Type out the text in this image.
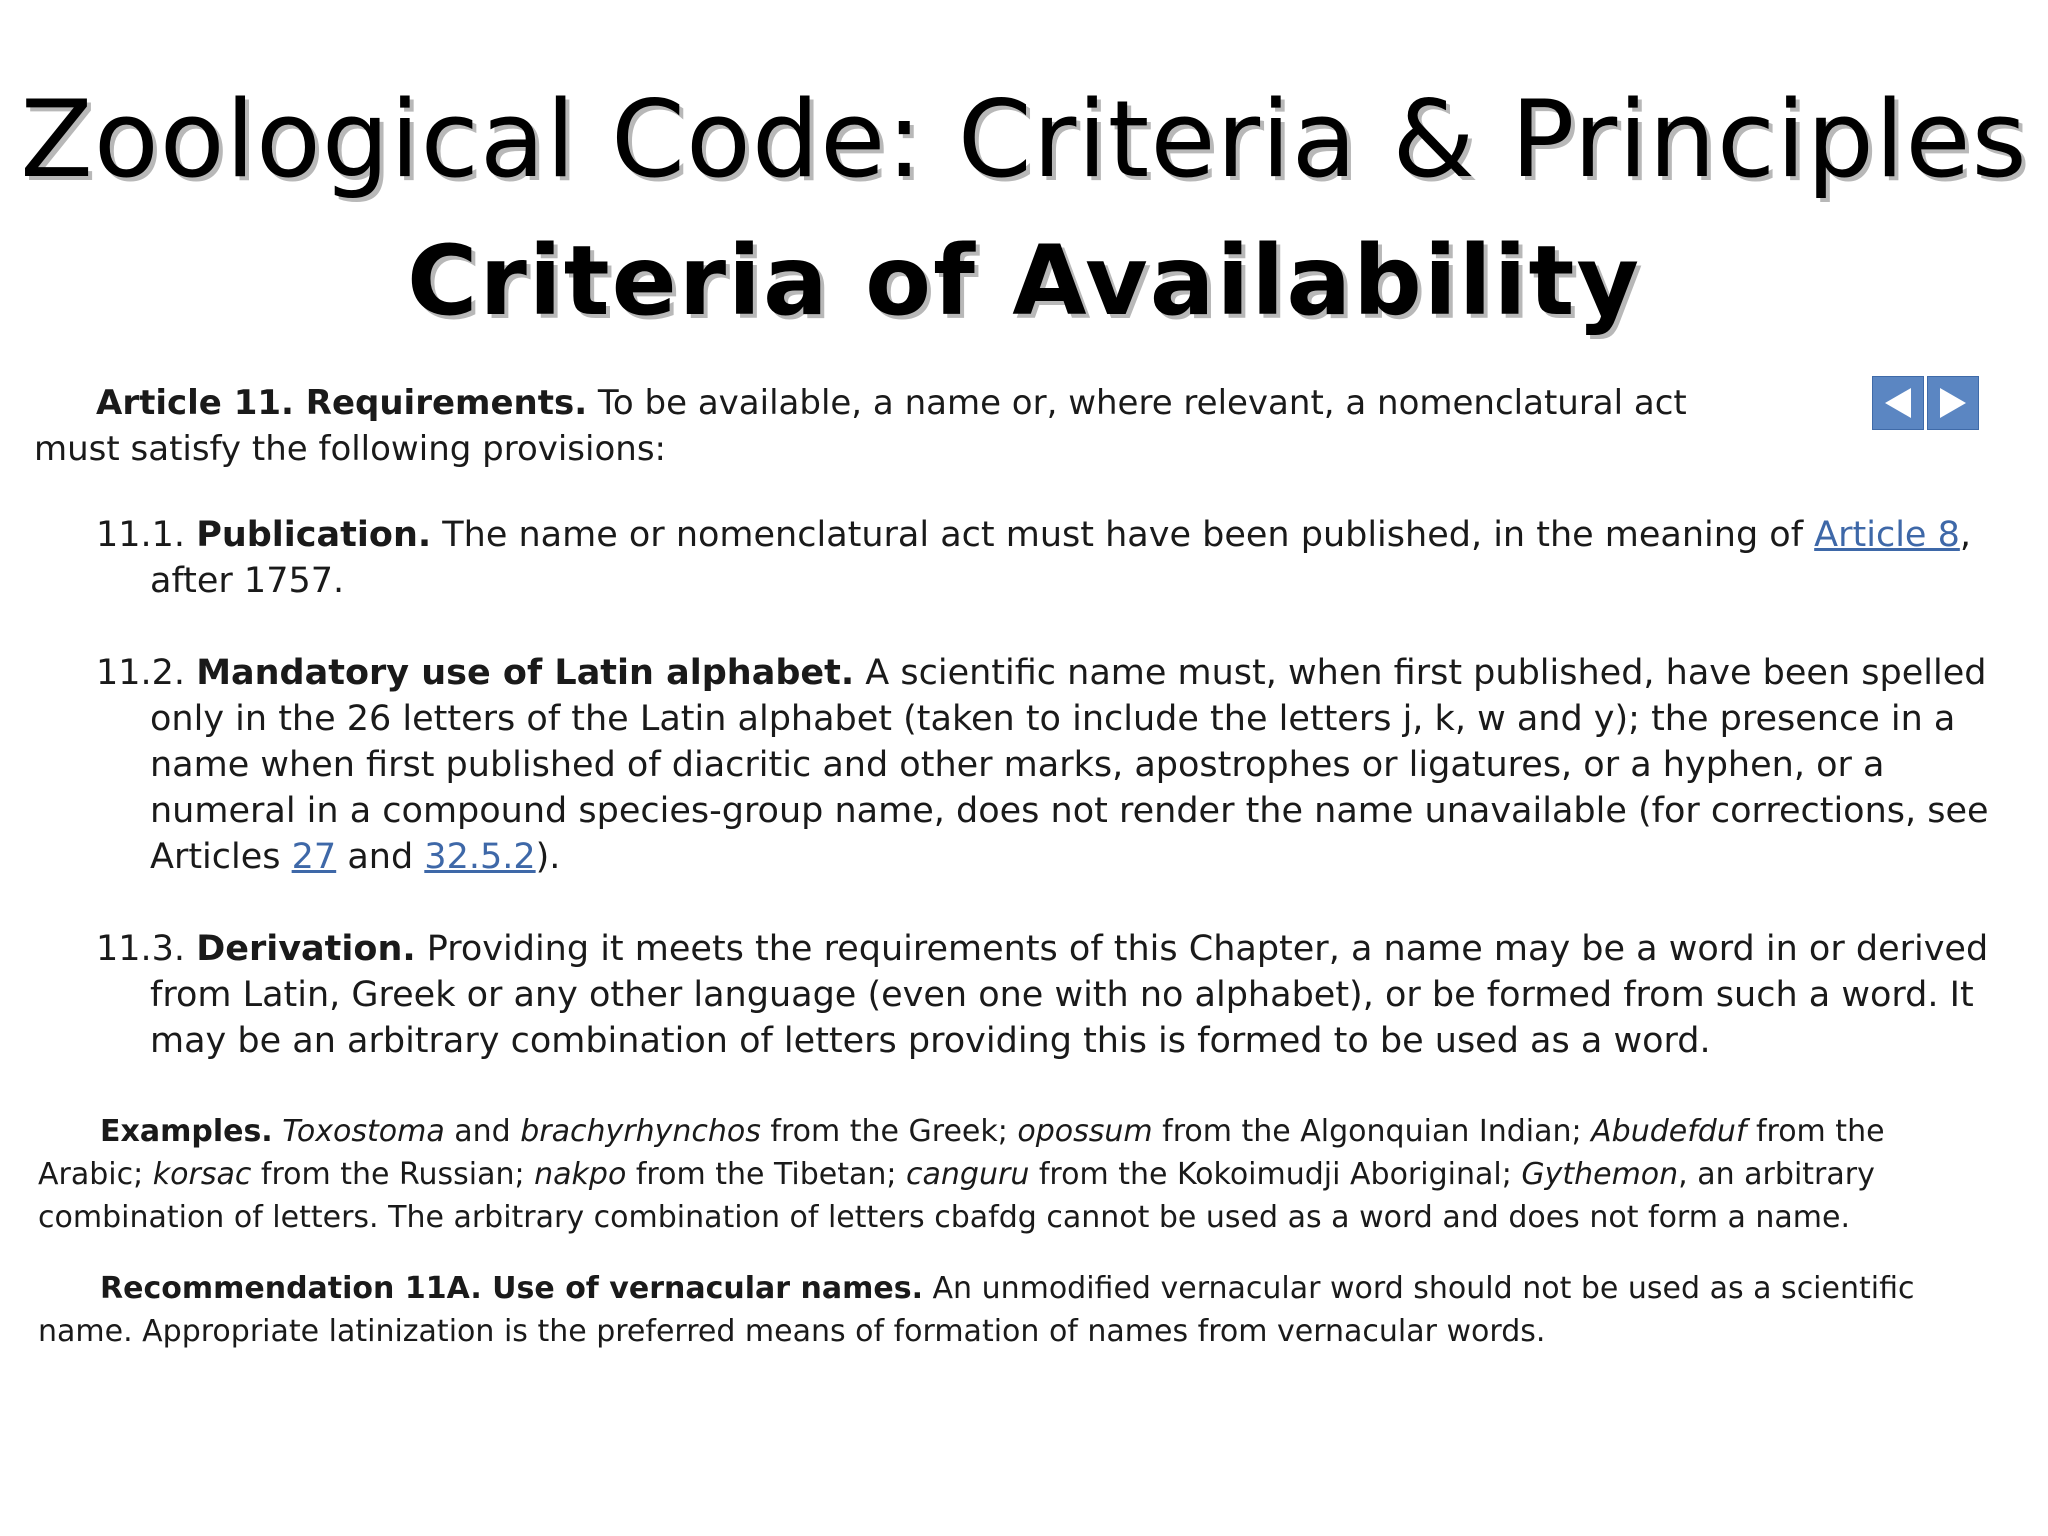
Zoological Code: Criteria & Principles
Criteria of Availability

Article 11. Requirements. To be available, a name or, where relevant, a nomenclatural act must satisfy the following provisions:

11.1. Publication. The name or nomenclatural act must have been published, in the meaning of Article 8, after 1757.

11.2. Mandatory use of Latin alphabet. A scientific name must, when first published, have been spelled only in the 26 letters of the Latin alphabet (taken to include the letters j, k, w and y); the presence in a name when first published of diacritic and other marks, apostrophes or ligatures, or a hyphen, or a numeral in a compound species-group name, does not render the name unavailable (for corrections, see Articles 27 and 32.5.2).

11.3. Derivation. Providing it meets the requirements of this Chapter, a name may be a word in or derived from Latin, Greek or any other language (even one with no alphabet), or be formed from such a word. It may be an arbitrary combination of letters providing this is formed to be used as a word.

Examples. Toxostoma and brachyrhynchos from the Greek; opossum from the Algonquian Indian; Abudefduf from the Arabic; korsac from the Russian; nakpo from the Tibetan; canguru from the Kokoimudji Aboriginal; Gythemon, an arbitrary combination of letters. The arbitrary combination of letters cbafdg cannot be used as a word and does not form a name.

Recommendation 11A. Use of vernacular names. An unmodified vernacular word should not be used as a scientific name. Appropriate latinization is the preferred means of formation of names from vernacular words.
